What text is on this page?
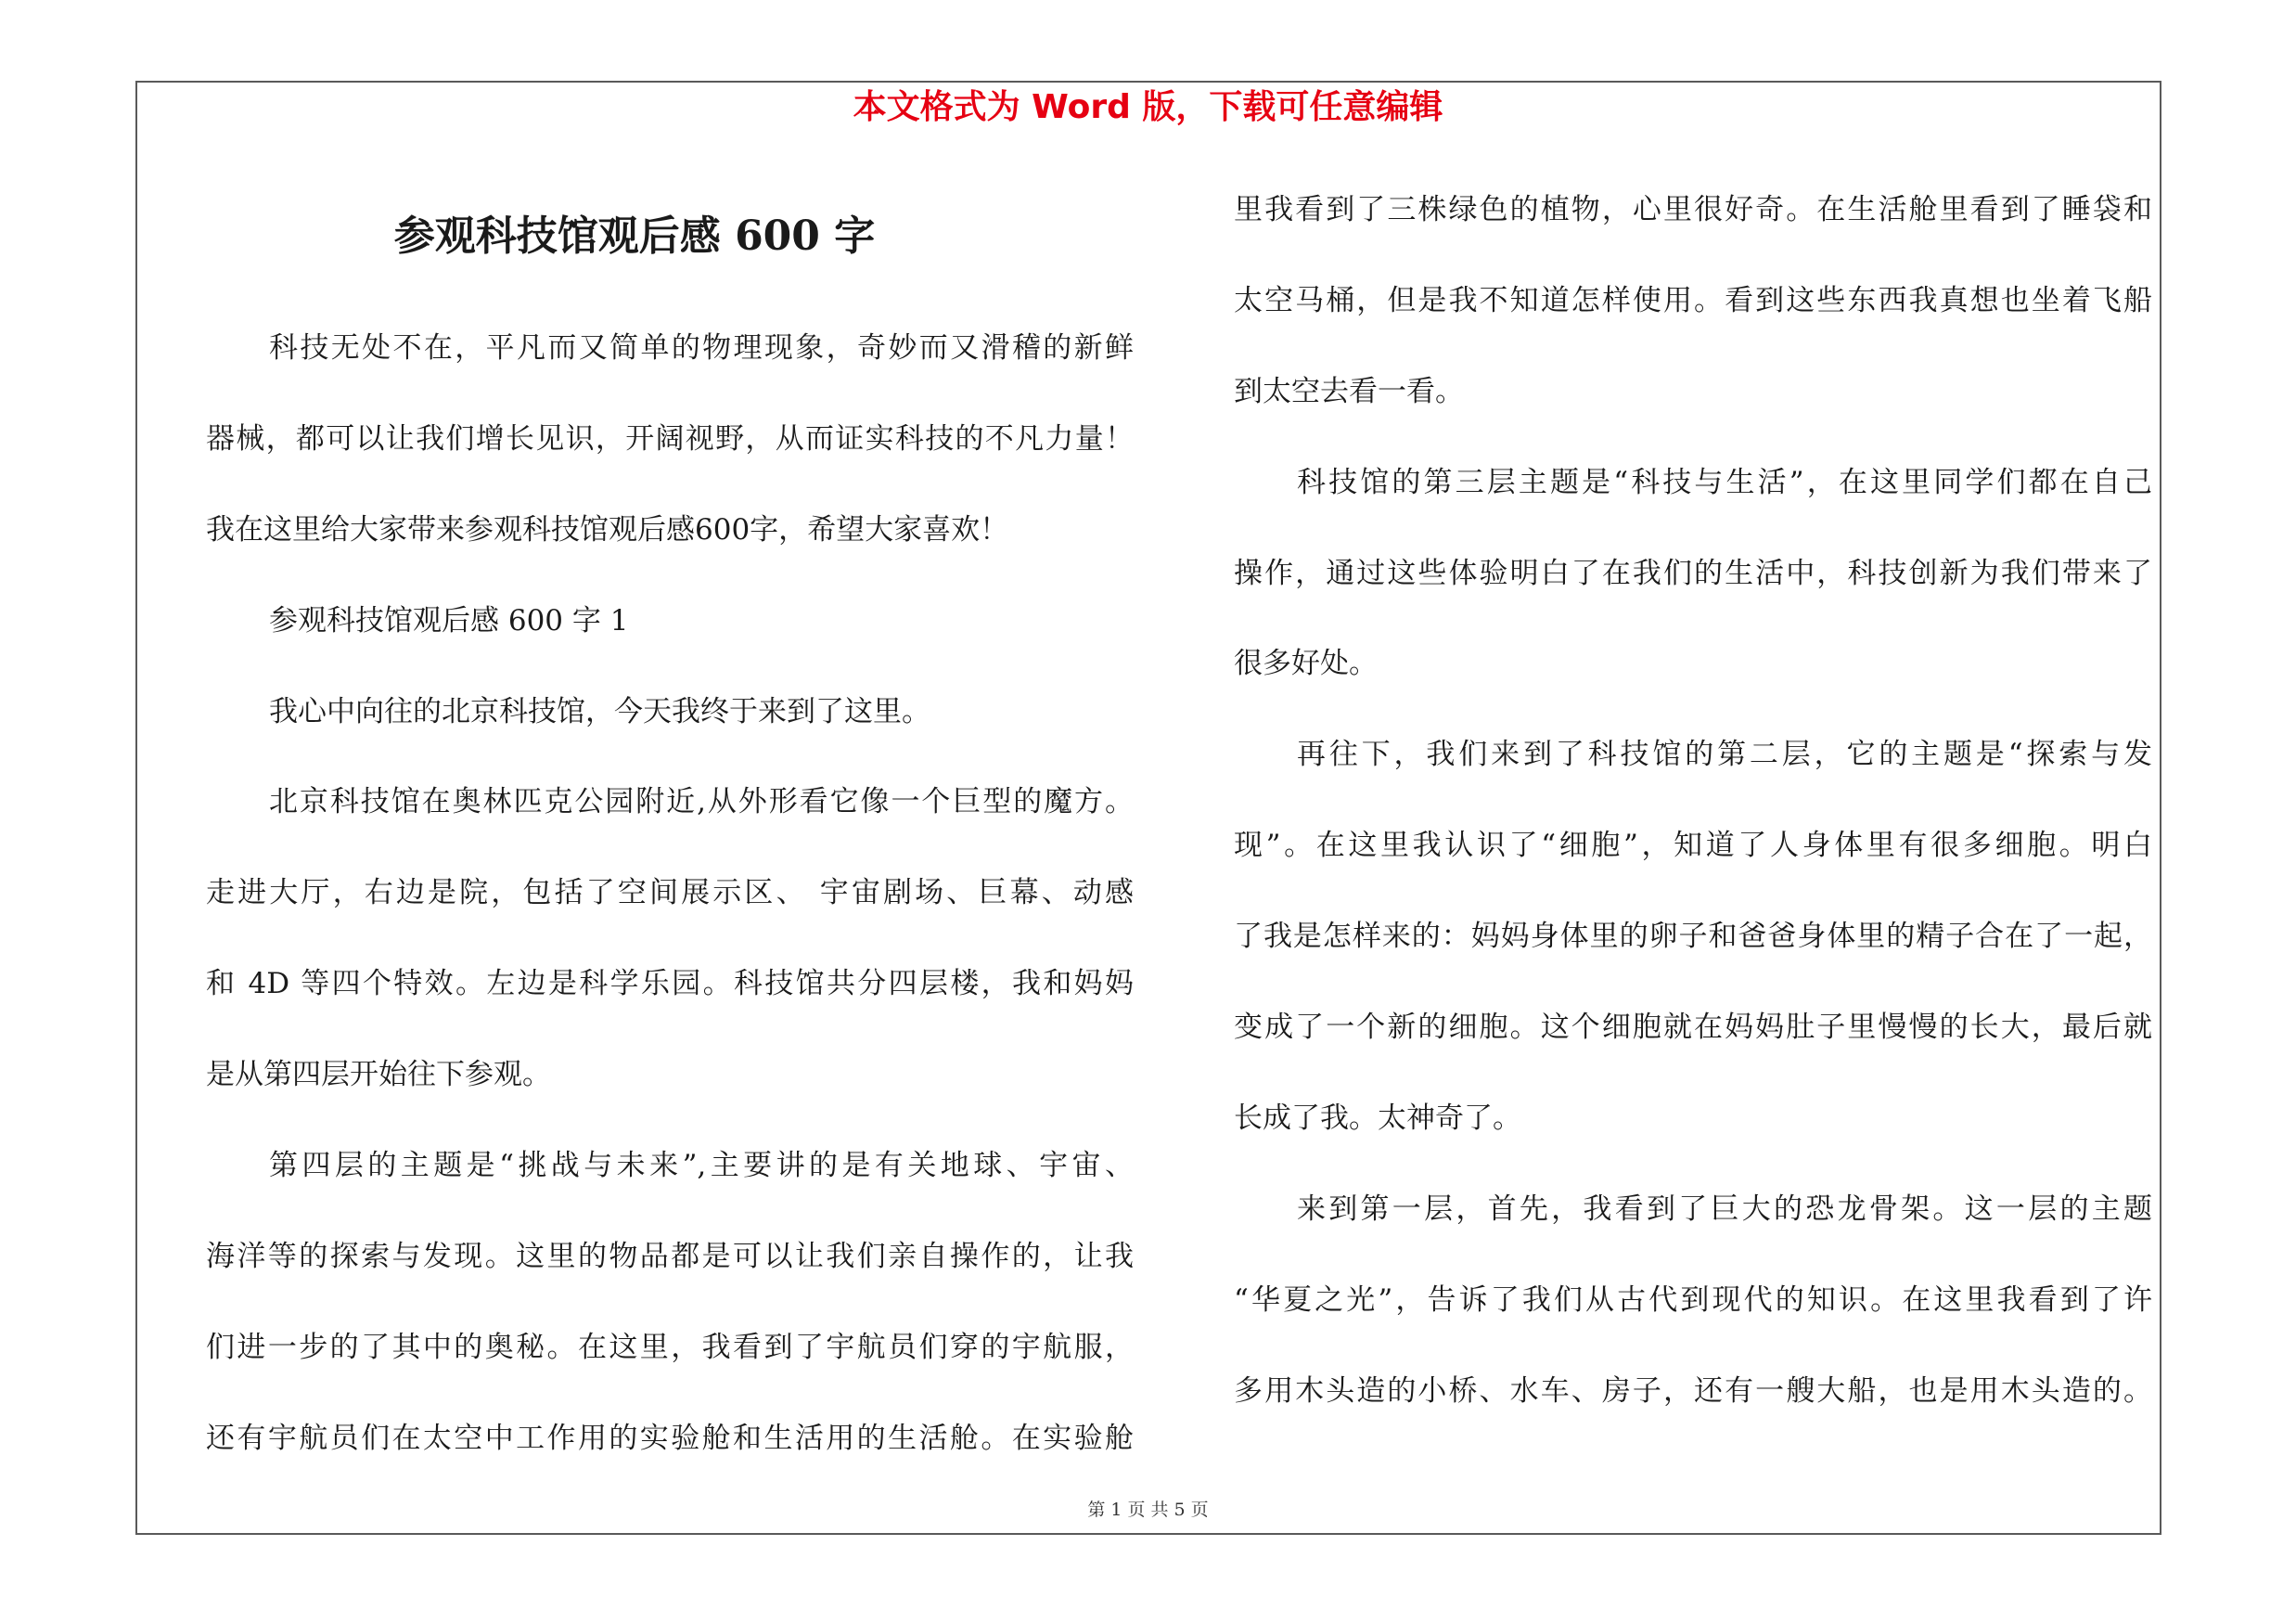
本文格式为 Word 版，下载可任意编辑
参观科技馆观后感 600 字
科技无处不在，平凡而又简单的物理现象，奇妙而又滑稽的新鲜
器械，都可以让我们增长见识，开阔视野，从而证实科技的不凡力量！
我在这里给大家带来参观科技馆观后感600字，希望大家喜欢！
参观科技馆观后感 600 字 1
我心中向往的北京科技馆，今天我终于来到了这里。
北京科技馆在奥林匹克公园附近,从外形看它像一个巨型的魔方。
走进大厅，右边是院，包括了空间展示区、 宇宙剧场、巨幕、动感
和 4D 等四个特效。左边是科学乐园。科技馆共分四层楼，我和妈妈
是从第四层开始往下参观。
第四层的主题是“挑战与未来”,主要讲的是有关地球、宇宙、
海洋等的探索与发现。这里的物品都是可以让我们亲自操作的，让我
们进一步的了其中的奥秘。在这里，我看到了宇航员们穿的宇航服，
还有宇航员们在太空中工作用的实验舱和生活用的生活舱。在实验舱
里我看到了三株绿色的植物，心里很好奇。在生活舱里看到了睡袋和
太空马桶，但是我不知道怎样使用。看到这些东西我真想也坐着飞船
到太空去看一看。
科技馆的第三层主题是“科技与生活”，在这里同学们都在自己
操作，通过这些体验明白了在我们的生活中，科技创新为我们带来了
很多好处。
再往下，我们来到了科技馆的第二层，它的主题是“探索与发
现”。在这里我认识了“细胞”，知道了人身体里有很多细胞。明白
了我是怎样来的：妈妈身体里的卵子和爸爸身体里的精子合在了一起，
变成了一个新的细胞。这个细胞就在妈妈肚子里慢慢的长大，最后就
长成了我。太神奇了。
来到第一层，首先，我看到了巨大的恐龙骨架。这一层的主题
“华夏之光”，告诉了我们从古代到现代的知识。在这里我看到了许
多用木头造的小桥、水车、房子，还有一艘大船，也是用木头造的。
第 1 页 共 5 页
